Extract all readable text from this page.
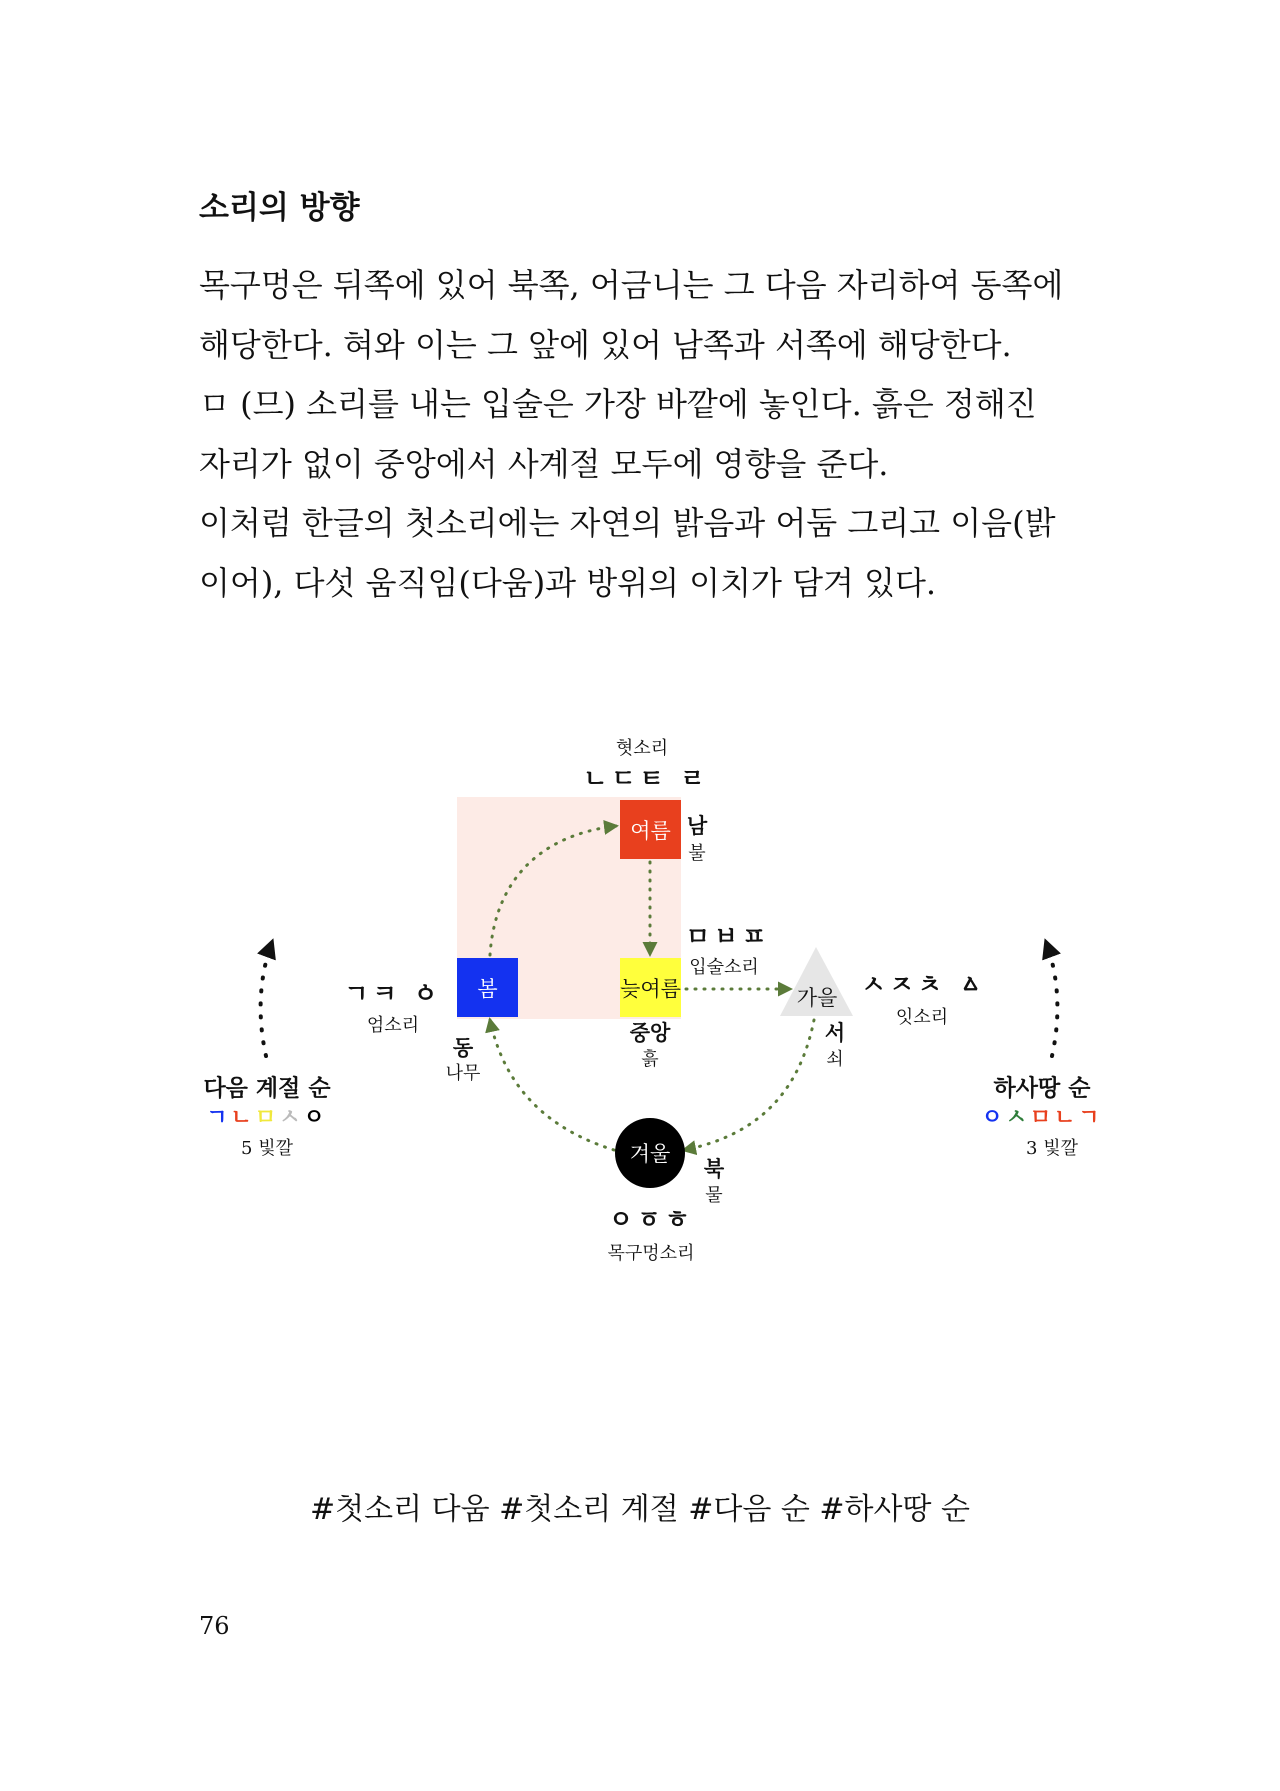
소리의 방향
목구멍은 뒤쪽에 있어 북쪽, 어금니는 그 다음 자리하여 동쪽에
해당한다. 혀와 이는 그 앞에 있어 남쪽과 서쪽에 해당한다.
ㅁ (므) 소리를 내는 입술은 가장 바깥에 놓인다. 흙은 정해진
자리가 없이 중앙에서 사계절 모두에 영향을 준다.
이처럼 한글의 첫소리에는 자연의 밝음과 어둠 그리고 이음(밝
이어), 다섯 움직임(다움)과 방위의 이치가 담겨 있다.
여름
봄	늦여름	가을
겨울
혓소리
ㄴㄷㅌ ㄹ
ㅁㅂㅍ
입술소리
ㄱㅋ ㆁ
엄소리
ㅅㅈㅊ ㅿ
잇소리
ㅇㆆㅎ
목구멍소리
남
불
동
나무
중앙
흙
서
쇠
북
물
다음 계절 순
ㄱㄴㅁㅅㅇ
5 빛깔
하사땅 순
ㅇㅅㅁㄴㄱ
3 빛깔
#첫소리 다움 #첫소리 계절 #다음 순 #하사땅 순
76
